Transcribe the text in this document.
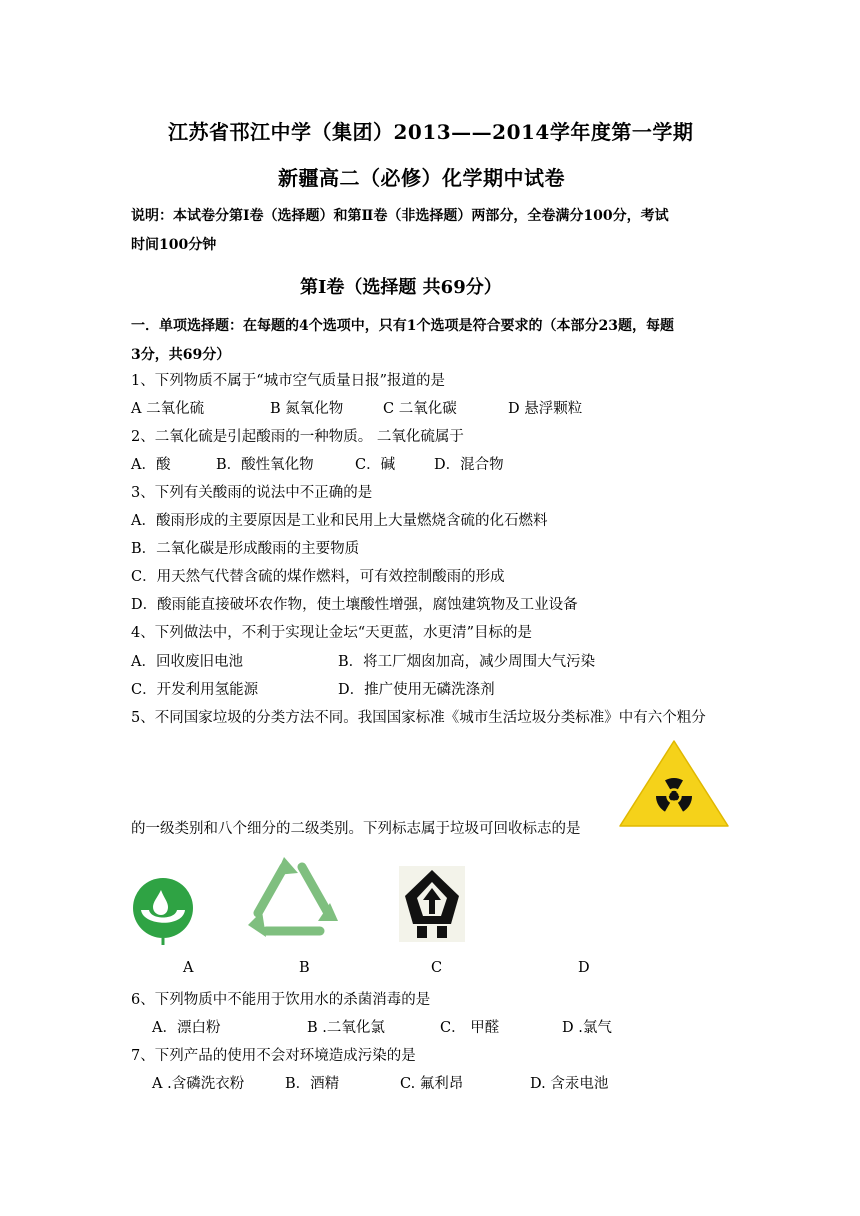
江苏省邗江中学（集团）2013——2014学年度第一学期
新疆高二（必修）化学期中试卷
说明：本试卷分第Ⅰ卷（选择题）和第Ⅱ卷（非选择题）两部分，全卷满分100分，考试
时间100分钟
第Ⅰ卷（选择题 共69分）
一．单项选择题：在每题的4个选项中，只有1个选项是符合要求的（本部分23题，每题
3分，共69分）
1、下列物质不属于“城市空气质量日报”报道的是
A 二氧化硫	B 氮氧化物	C 二氧化碳	D 悬浮颗粒
2、二氧化硫是引起酸雨的一种物质。 二氧化硫属于
A．酸	B．酸性氧化物	C．碱	D．混合物
3、下列有关酸雨的说法中不正确的是
A．酸雨形成的主要原因是工业和民用上大量燃烧含硫的化石燃料
B．二氧化碳是形成酸雨的主要物质
C．用天然气代替含硫的煤作燃料，可有效控制酸雨的形成
D．酸雨能直接破坏农作物，使土壤酸性增强，腐蚀建筑物及工业设备
4、下列做法中，不利于实现让金坛“天更蓝，水更清”目标的是
A．回收废旧电池	B．将工厂烟囱加高，减少周围大气污染
C．开发利用氢能源	D．推广使用无磷洗涤剂
5、不同国家垃圾的分类方法不同。我国国家标准《城市生活垃圾分类标准》中有六个粗分
的一级类别和八个细分的二级类别。下列标志属于垃圾可回收标志的是
A	B	C	D
6、下列物质中不能用于饮用水的杀菌消毒的是
A．漂白粉	B .二氧化氯	C． 甲醛	D .氯气
7、下列产品的使用不会对环境造成污染的是
A .含磷洗衣粉	B．酒精	C. 氟利昂	D. 含汞电池
